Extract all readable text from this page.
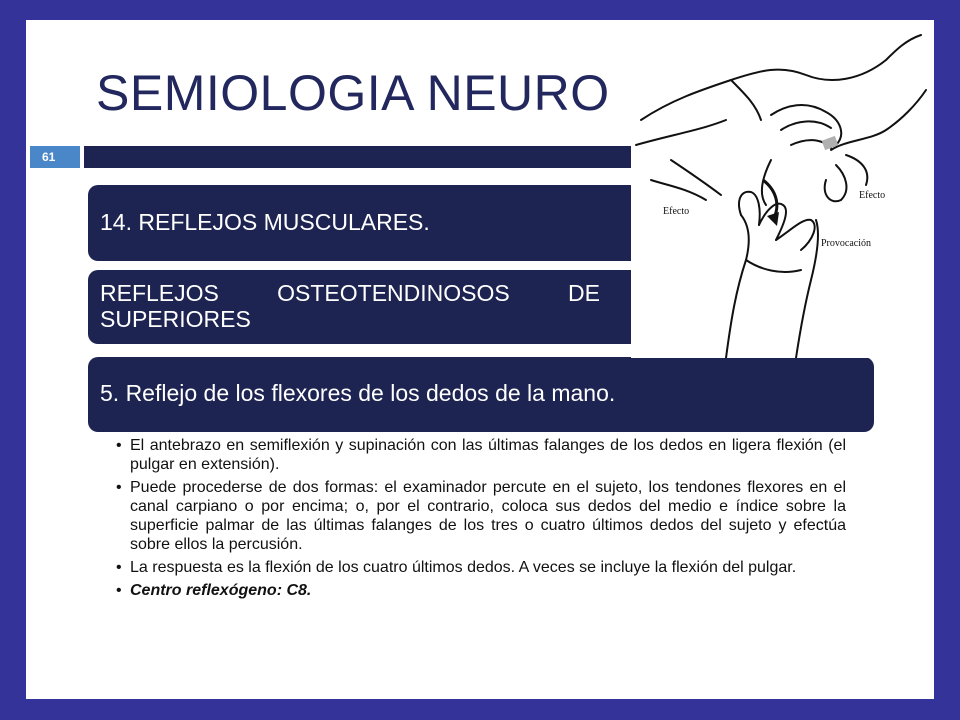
SEMIOLOGIA NEURO
61
14. REFLEJOS MUSCULARES.
REFLEJOS	OSTEOTENDINOSOS	DE
SUPERIORES
5. Reflejo de los flexores de los dedos de la mano.
• El antebrazo en semiflexión y supinación con las últimas falanges de los dedos en ligera flexión (el pulgar en extensión).
• Puede procederse de dos formas: el examinador percute en el sujeto, los tendones flexores en el canal carpiano o por encima; o, por el contrario, coloca sus dedos del medio e índice sobre la superficie palmar de las últimas falanges de los tres o cuatro últimos dedos del sujeto y efectúa sobre ellos la percusión.
• La respuesta es la flexión de los cuatro últimos dedos. A veces se incluye la flexión del pulgar.
• Centro reflexógeno: C8.
Efecto
Efecto
Provocación
